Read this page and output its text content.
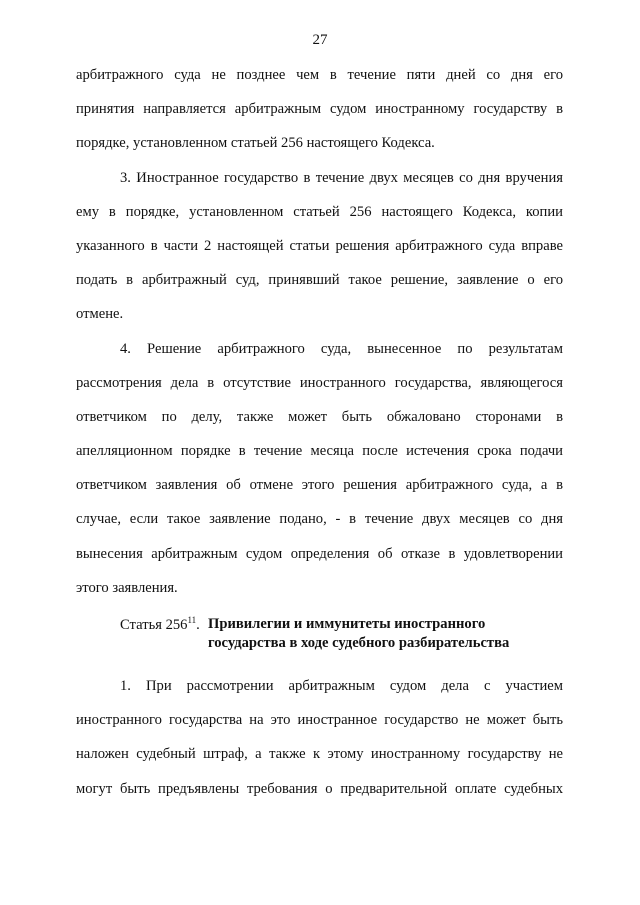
27
арбитражного суда не позднее чем в течение пяти дней со дня его
принятия направляется арбитражным судом иностранному государству в
порядке, установленном статьей 256 настоящего Кодекса.
3. Иностранное государство в течение двух месяцев со дня вручения
ему в порядке, установленном статьей 256 настоящего Кодекса, копии
указанного в части 2 настоящей статьи решения арбитражного суда вправе
подать в арбитражный суд, принявший такое решение, заявление о его
отмене.
4. Решение арбитражного суда, вынесенное по результатам
рассмотрения дела в отсутствие иностранного государства, являющегося
ответчиком по делу, также может быть обжаловано сторонами в
апелляционном порядке в течение месяца после истечения срока подачи
ответчиком заявления об отмене этого решения арбитражного суда, а в
случае, если такое заявление подано, - в течение двух месяцев со дня
вынесения арбитражным судом определения об отказе в удовлетворении
этого заявления.
Статья $256^{11}$. Привилегии и иммунитеты иностранного
государства в ходе судебного разбирательства
1. При рассмотрении арбитражным судом дела с участием
иностранного государства на это иностранное государство не может быть
наложен судебный штраф, а также к этому иностранному государству не
могут быть предъявлены требования о предварительной оплате судебных
